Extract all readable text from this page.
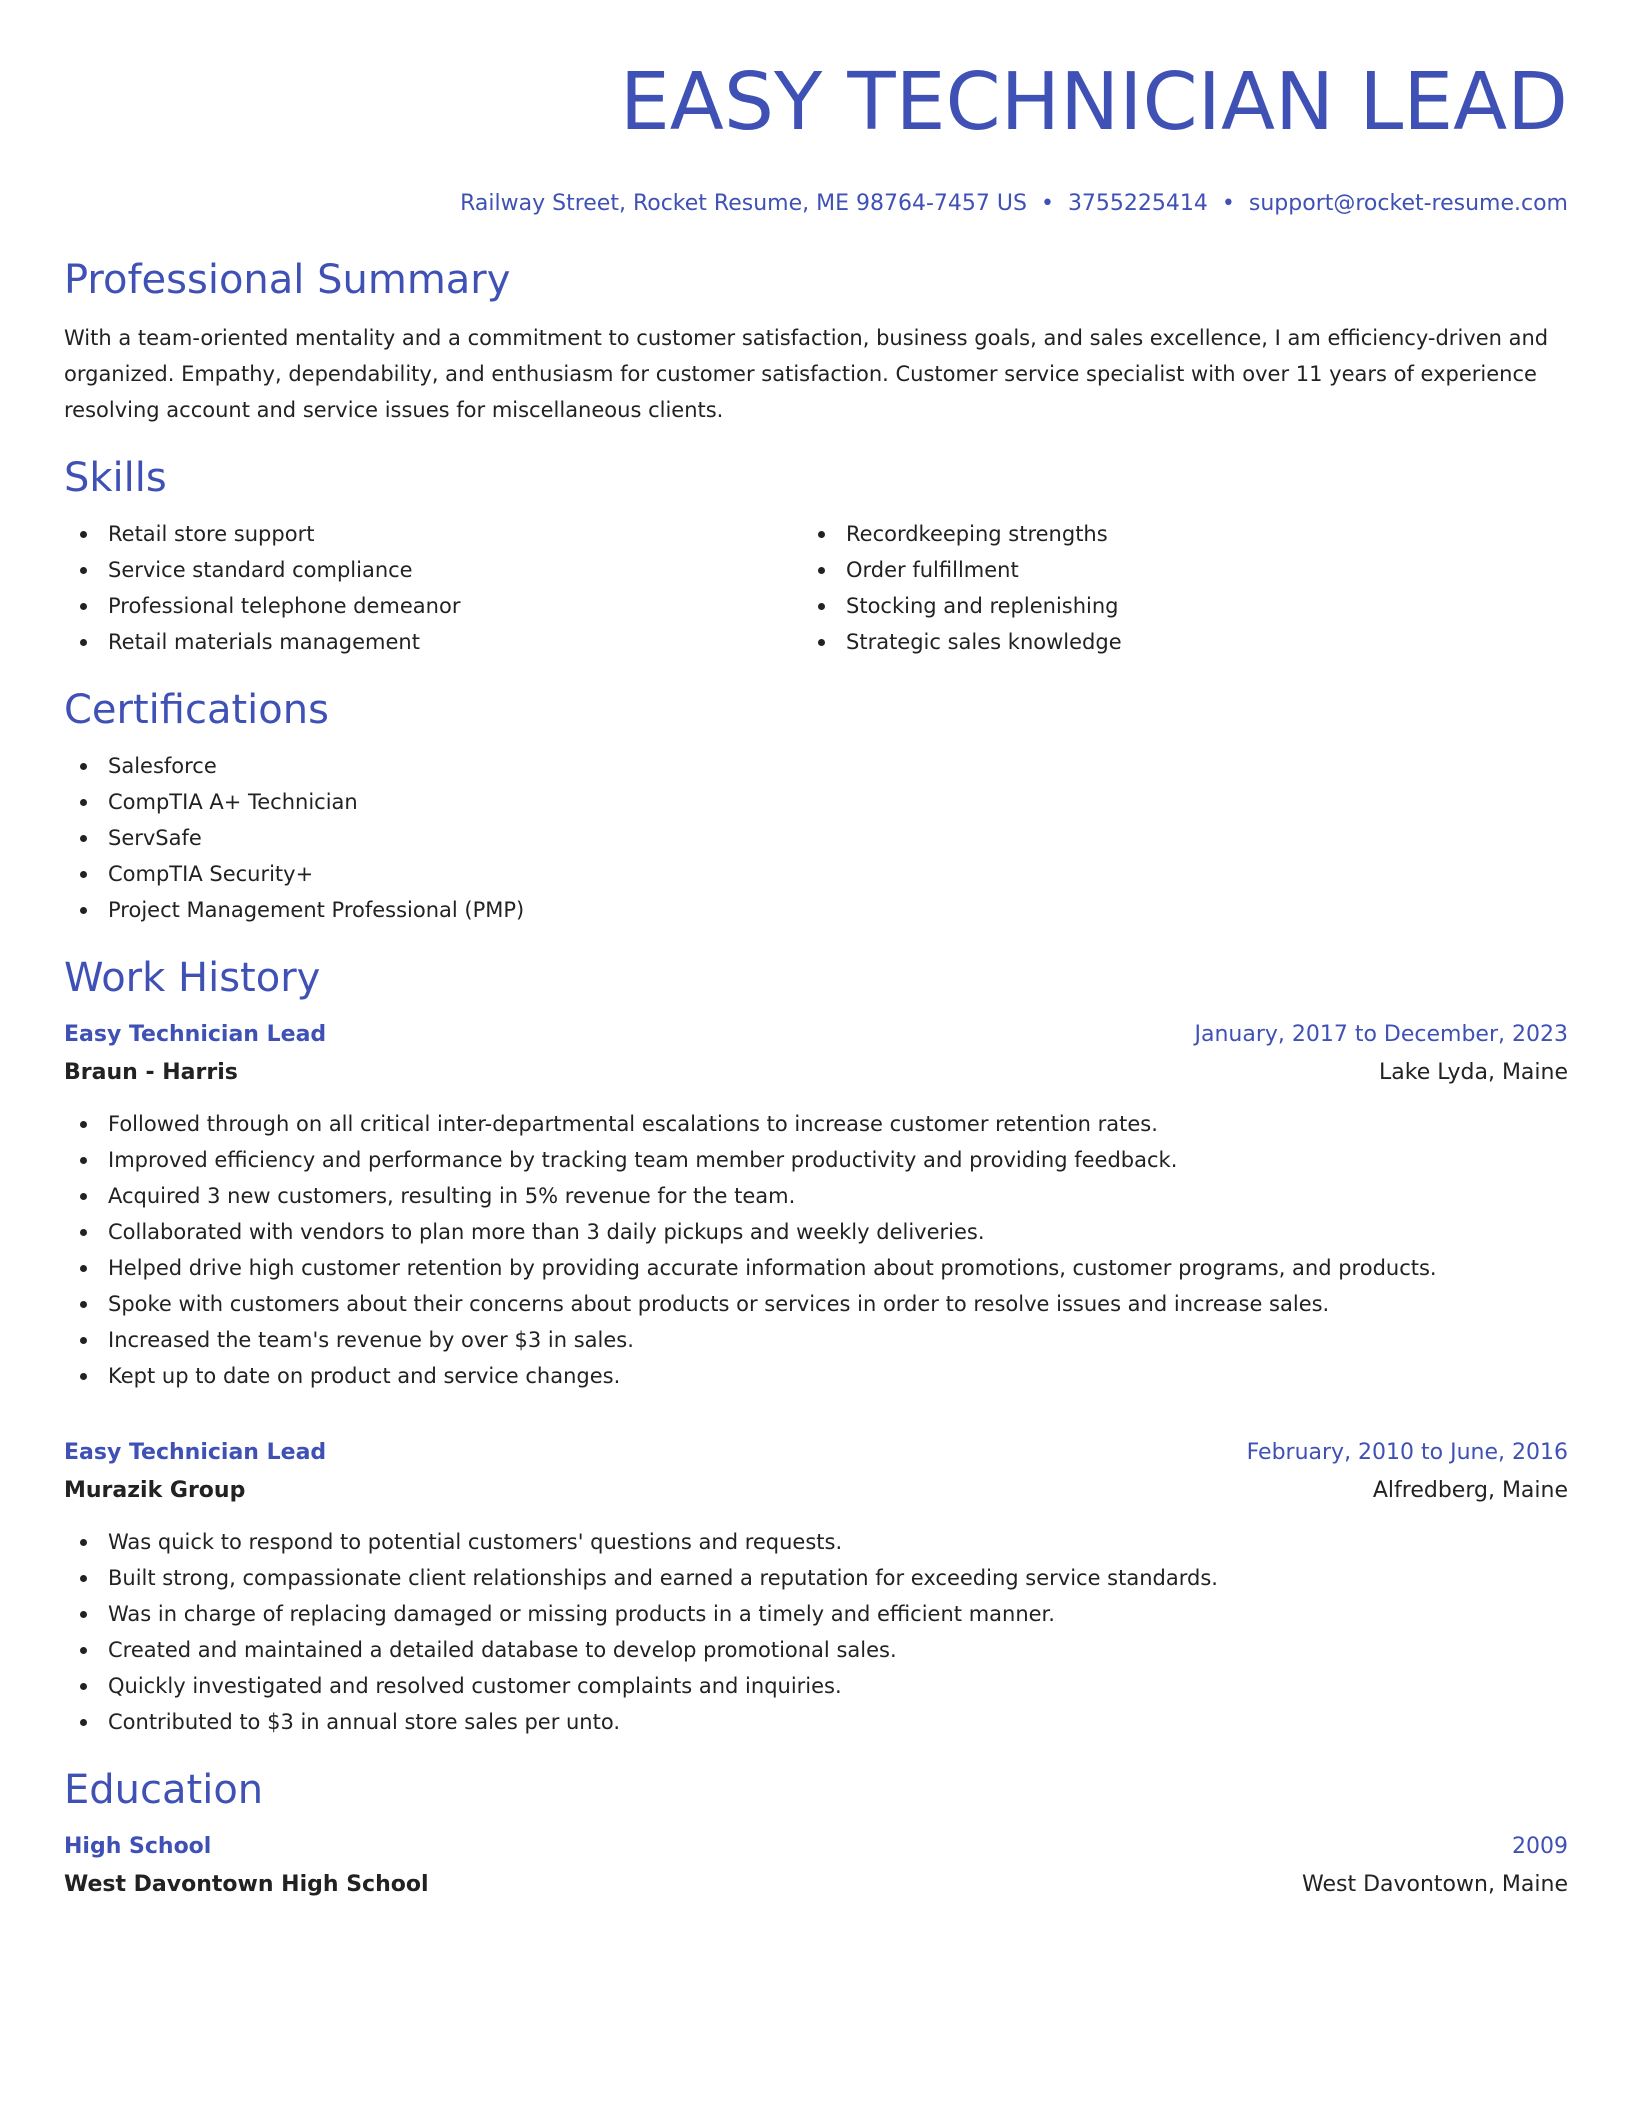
EASY TECHNICIAN LEAD
Railway Street, Rocket Resume, ME 98764-7457 US • 3755225414 • support@rocket-resume.com
Professional Summary
With a team-oriented mentality and a commitment to customer satisfaction, business goals, and sales excellence, I am efficiency-driven and organized. Empathy, dependability, and enthusiasm for customer satisfaction. Customer service specialist with over 11 years of experience resolving account and service issues for miscellaneous clients.
Skills
Retail store support
Service standard compliance
Professional telephone demeanor
Retail materials management
Recordkeeping strengths
Order fulfillment
Stocking and replenishing
Strategic sales knowledge
Certifications
Salesforce
CompTIA A+ Technician
ServSafe
CompTIA Security+
Project Management Professional (PMP)
Work History
Easy Technician Lead	January, 2017 to December, 2023
Braun - Harris	Lake Lyda, Maine
Followed through on all critical inter-departmental escalations to increase customer retention rates.
Improved efficiency and performance by tracking team member productivity and providing feedback.
Acquired 3 new customers, resulting in 5% revenue for the team.
Collaborated with vendors to plan more than 3 daily pickups and weekly deliveries.
Helped drive high customer retention by providing accurate information about promotions, customer programs, and products.
Spoke with customers about their concerns about products or services in order to resolve issues and increase sales.
Increased the team's revenue by over $3 in sales.
Kept up to date on product and service changes.
Easy Technician Lead	February, 2010 to June, 2016
Murazik Group	Alfredberg, Maine
Was quick to respond to potential customers' questions and requests.
Built strong, compassionate client relationships and earned a reputation for exceeding service standards.
Was in charge of replacing damaged or missing products in a timely and efficient manner.
Created and maintained a detailed database to develop promotional sales.
Quickly investigated and resolved customer complaints and inquiries.
Contributed to $3 in annual store sales per unto.
Education
High School	2009
West Davontown High School	West Davontown, Maine
